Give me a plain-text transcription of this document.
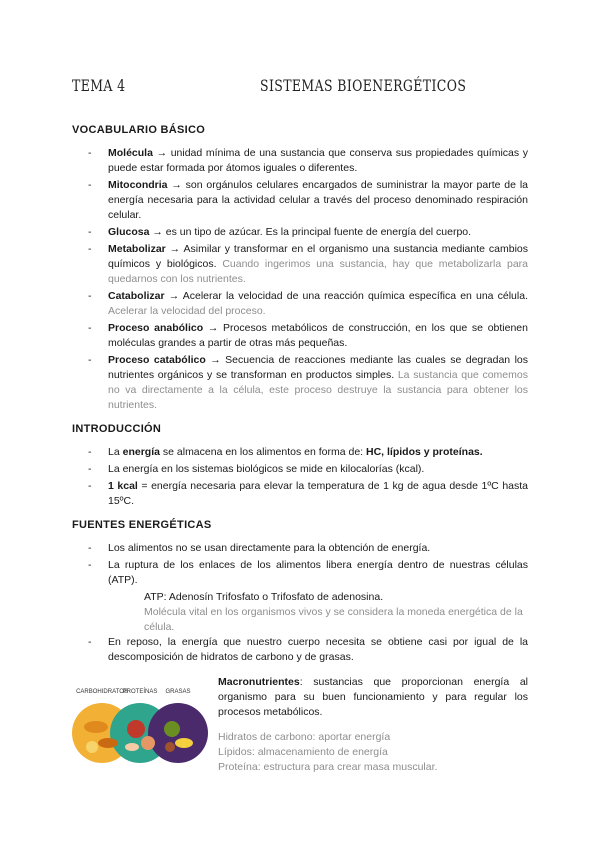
TEMA 4	SISTEMAS BIOENERGÉTICOS
VOCABULARIO BÁSICO
- Molécula → unidad mínima de una sustancia que conserva sus propiedades químicas y puede estar formada por átomos iguales o diferentes.
- Mitocondria → son orgánulos celulares encargados de suministrar la mayor parte de la energía necesaria para la actividad celular a través del proceso denominado respiración celular.
- Glucosa → es un tipo de azúcar. Es la principal fuente de energía del cuerpo.
- Metabolizar → Asimilar y transformar en el organismo una sustancia mediante cambios químicos y biológicos. Cuando ingerimos una sustancia, hay que metabolizarla para quedarnos con los nutrientes.
- Catabolizar → Acelerar la velocidad de una reacción química específica en una célula. Acelerar la velocidad del proceso.
- Proceso anabólico → Procesos metabólicos de construcción, en los que se obtienen moléculas grandes a partir de otras más pequeñas.
- Proceso catabólico → Secuencia de reacciones mediante las cuales se degradan los nutrientes orgánicos y se transforman en productos simples. La sustancia que comemos no va directamente a la célula, este proceso destruye la sustancia para obtener los nutrientes.
INTRODUCCIÓN
- La energía se almacena en los alimentos en forma de: HC, lípidos y proteínas.
- La energía en los sistemas biológicos se mide en kilocalorías (kcal).
- 1 kcal = energía necesaria para elevar la temperatura de 1 kg de agua desde 1ºC hasta 15ºC.
FUENTES ENERGÉTICAS
- Los alimentos no se usan directamente para la obtención de energía.
- La ruptura de los enlaces de los alimentos libera energía dentro de nuestras células (ATP).
ATP: Adenosín Trifosfato o Trifosfato de adenosina.
Molécula vital en los organismos vivos y se considera la moneda energética de la célula.
- En reposo, la energía que nuestro cuerpo necesita se obtiene casi por igual de la descomposición de hidratos de carbono y de grasas.
CARBOHIDRATOS
PROTEÍNAS GRASAS
Macronutrientes: sustancias que proporcionan energía al organismo para su buen funcionamiento y para regular los procesos metabólicos.
Hidratos de carbono: aportar energía
Lípidos: almacenamiento de energía
Proteína: estructura para crear masa muscular.
